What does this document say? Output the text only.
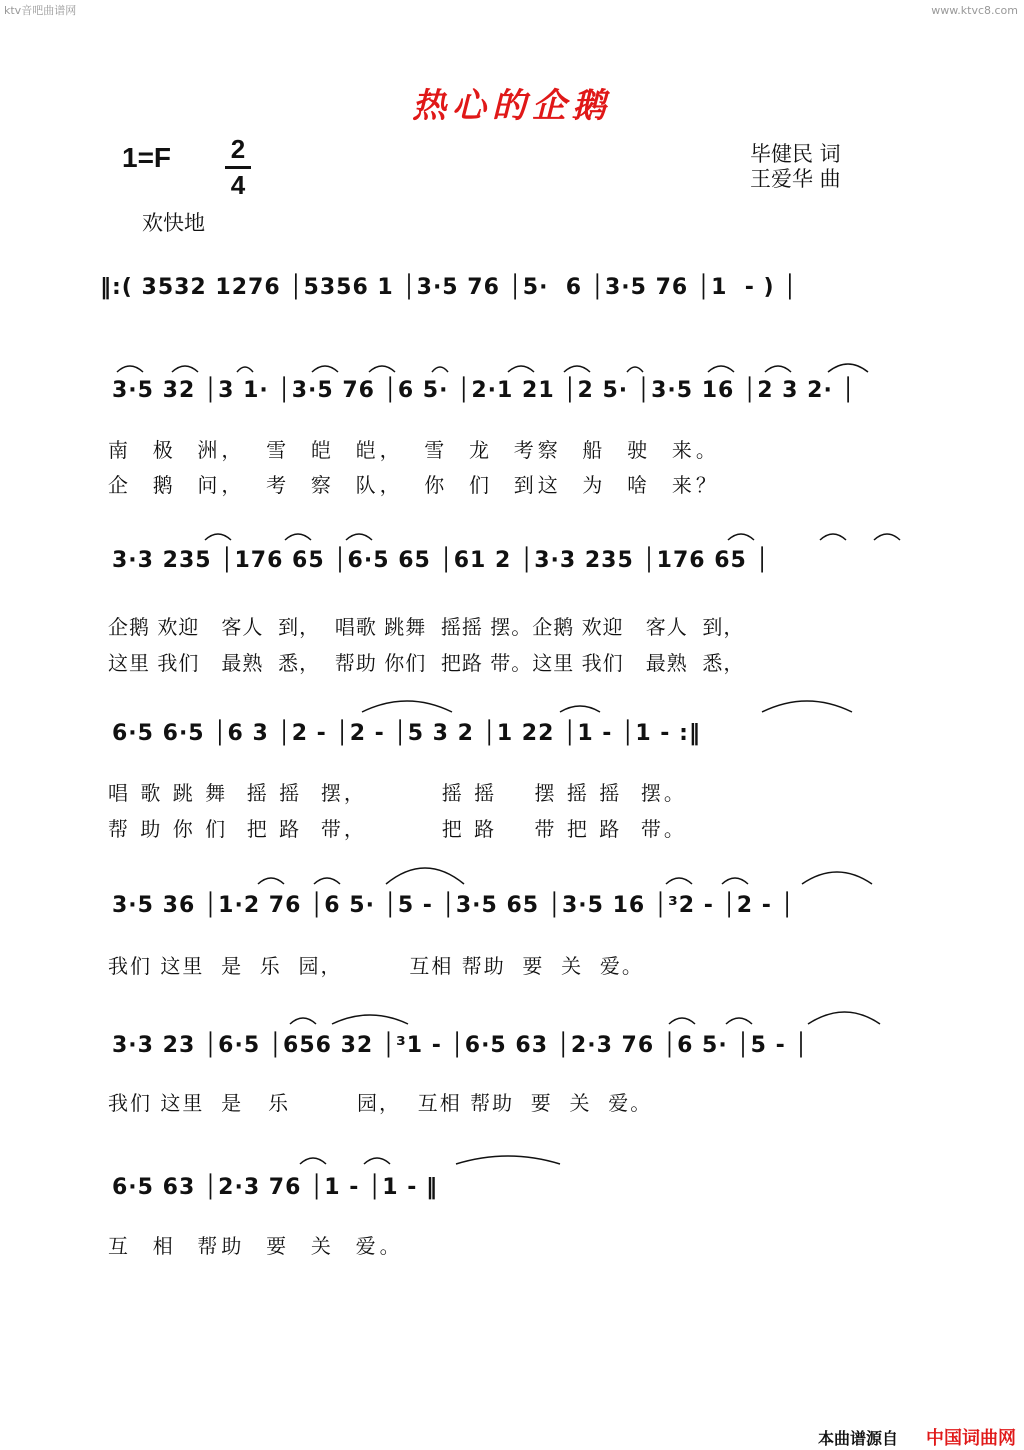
ktv音吧曲谱网	www.ktvc8.com
热心的企鹅
1=F 2
4
毕健民 词
王爱华 曲
欢快地
‖:( 3532 1276 │5356 1 │3·5 76 │5·  6 │3·5 76 │1  - ) │
3·5 32 │3 1· │3·5 76 │6 5· │2·1 21 │2 5· │3·5 16 │2 3 2· │
南  极  洲，  雪  皑  皑，  雪  龙  考察  船  驶  来。
企  鹅  问，  考  察  队，  你  们  到这  为  啥  来？
3·3 235 │176 65 │6·5 65 │61 2 │3·3 235 │176 65 │
企鹅 欢迎   客人  到，  唱歌 跳舞  摇摇 摆。企鹅 欢迎   客人  到，
这里 我们   最熟  悉，  帮助 你们  把路 带。这里 我们   最熟  悉，
6·5 6·5 │6 3 │2 - │2 - │5 3 2 │1 22 │1 - │1 - :‖
唱 歌 跳 舞  摇 摇  摆，        摇 摇    摆 摇 摇  摆。
帮 助 你 们  把 路  带，        把 路    带 把 路  带。
3·5 36 │1·2 76 │6 5· │5 - │3·5 65 │3·5 16 │³2 - │2 - │
我们 这里  是  乐  园，        互相 帮助  要  关  爱。
3·3 23 │6·5 │656 32 │³1 - │6·5 63 │2·3 76 │6 5· │5 - │
我们 这里  是   乐        园，  互相 帮助  要  关  爱。
6·5 63 │2·3 76 │1 - │1 - ‖
互  相  帮助  要  关  爱。
本曲谱源自 中国词曲网
